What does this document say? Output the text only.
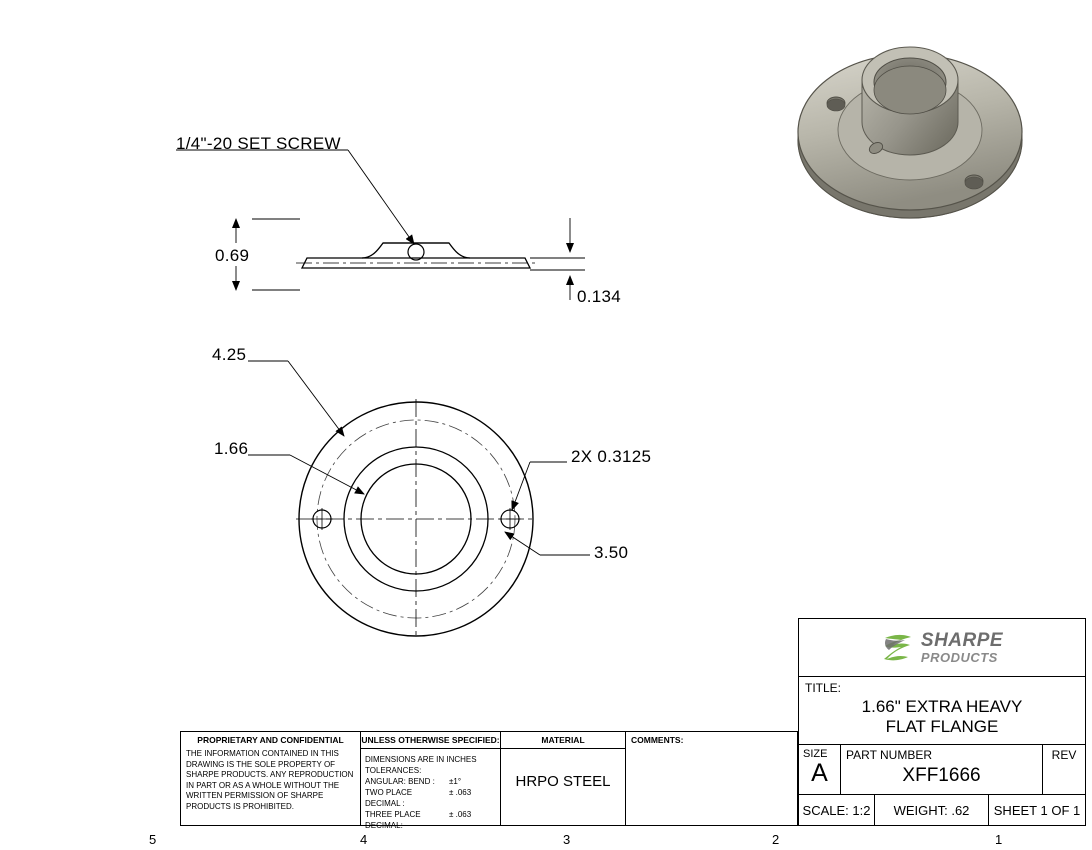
1/4"-20 SET SCREW
0.69
0.134
4.25
1.66	2X 0.3125
3.50
PROPRIETARY AND CONFIDENTIAL
THE INFORMATION CONTAINED IN THIS DRAWING IS THE SOLE PROPERTY OF SHARPE PRODUCTS. ANY REPRODUCTION IN PART OR AS A WHOLE WITHOUT THE WRITTEN PERMISSION OF SHARPE PRODUCTS IS PROHIBITED.
UNLESS OTHERWISE SPECIFIED:
DIMENSIONS ARE IN INCHES
TOLERANCES:
ANGULAR: BEND :	±1°
TWO PLACE DECIMAL :
± .063
THREE PLACE DECIMAL:
± .063
MATERIAL
HRPO STEEL
COMMENTS:
SHARPE
PRODUCTS
TITLE:
1.66" EXTRA HEAVY
FLAT FLANGE
SIZE
A
PART NUMBER
XFF1666
REV
SCALE: 1:2	WEIGHT: .62	SHEET 1 OF 1
5	4	3	2	1
